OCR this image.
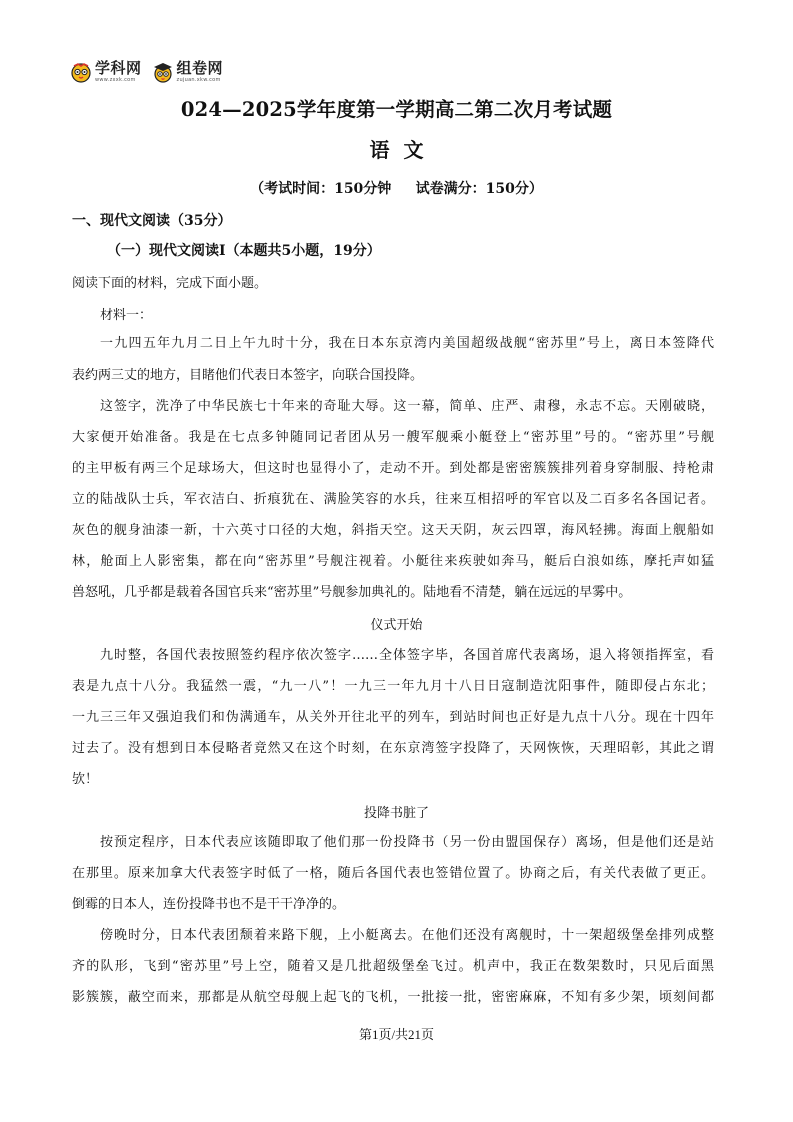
学科网
www.zxxk.com
组卷网
zujuan.xkw.com
024—2025学年度第一学期高二第二次月考试题
语  文
（考试时间：150分钟     试卷满分：150分）
一、现代文阅读（35分）
（一）现代文阅读Ⅰ（本题共5小题，19分）
阅读下面的材料，完成下面小题。
材料一：
一九四五年九月二日上午九时十分，我在日本东京湾内美国超级战舰“密苏里”号上，离日本签降代
表约两三丈的地方，目睹他们代表日本签字，向联合国投降。
这签字，洗净了中华民族七十年来的奇耻大辱。这一幕，简单、庄严、肃穆，永志不忘。天刚破晓，
大家便开始准备。我是在七点多钟随同记者团从另一艘军舰乘小艇登上“密苏里”号的。“密苏里”号舰
的主甲板有两三个足球场大，但这时也显得小了，走动不开。到处都是密密簇簇排列着身穿制服、持枪肃
立的陆战队士兵，军衣洁白、折痕犹在、满脸笑容的水兵，往来互相招呼的军官以及二百多名各国记者。
灰色的舰身油漆一新，十六英寸口径的大炮，斜指天空。这天天阴，灰云四罩，海风轻拂。海面上舰船如
林，舱面上人影密集，都在向“密苏里”号舰注视着。小艇往来疾驶如奔马，艇后白浪如练，摩托声如猛
兽怒吼，几乎都是载着各国官兵来“密苏里”号舰参加典礼的。陆地看不清楚，躺在远远的早雾中。
仪式开始
九时整，各国代表按照签约程序依次签字……全体签字毕，各国首席代表离场，退入将领指挥室，看
表是九点十八分。我猛然一震，“九一八”！一九三一年九月十八日日寇制造沈阳事件，随即侵占东北；
一九三三年又强迫我们和伪满通车，从关外开往北平的列车，到站时间也正好是九点十八分。现在十四年
过去了。没有想到日本侵略者竟然又在这个时刻，在东京湾签字投降了，天网恢恢，天理昭彰，其此之谓
欤！
投降书脏了
按预定程序，日本代表应该随即取了他们那一份投降书（另一份由盟国保存）离场，但是他们还是站
在那里。原来加拿大代表签字时低了一格，随后各国代表也签错位置了。协商之后，有关代表做了更正。
倒霉的日本人，连份投降书也不是干干净净的。
傍晚时分，日本代表团颓着来路下舰，上小艇离去。在他们还没有离舰时，十一架超级堡垒排列成整
齐的队形，飞到“密苏里”号上空，随着又是几批超级堡垒飞过。机声中，我正在数架数时，只见后面黑
影簇簇，蔽空而来，那都是从航空母舰上起飞的飞机，一批接一批，密密麻麻，不知有多少架，顷刻间都
第1页/共21页
